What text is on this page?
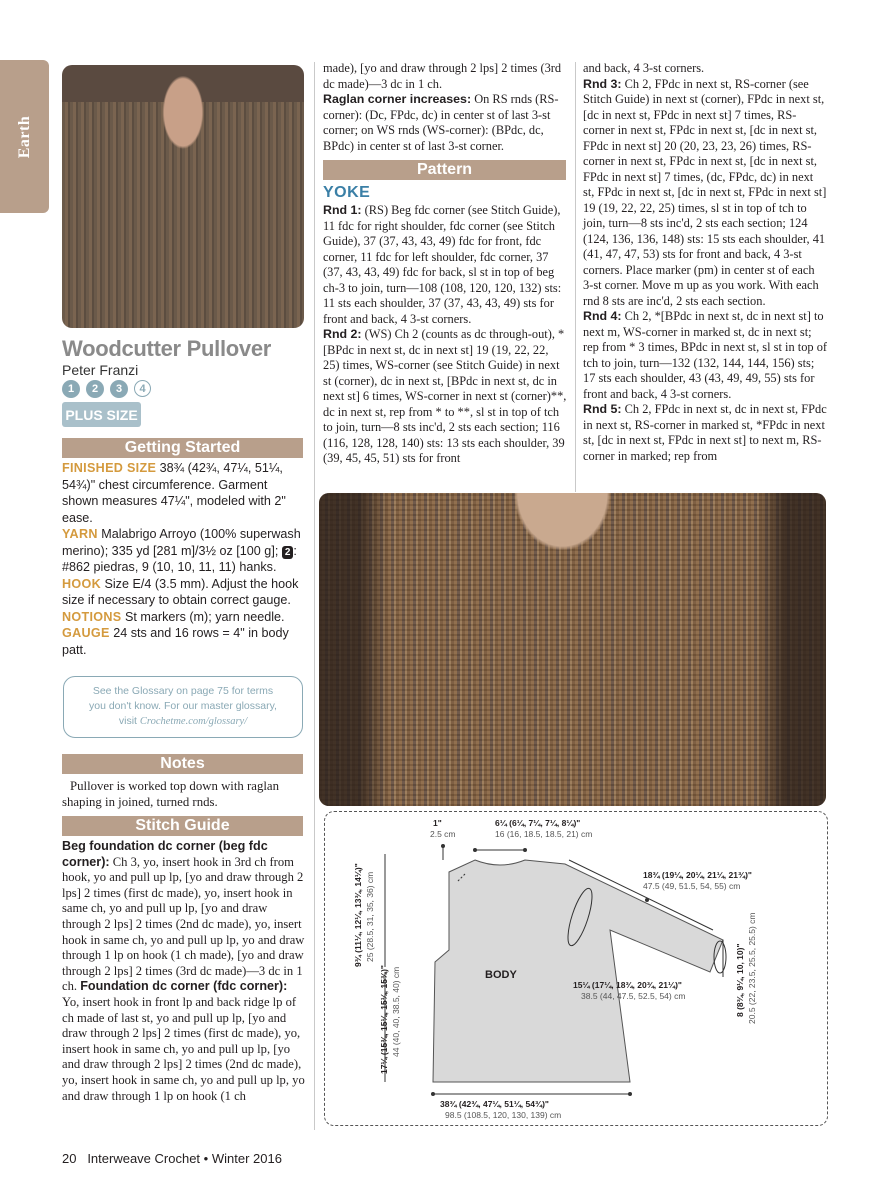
Earth
Woodcutter Pullover
Peter Franzi
1	2	3	4
PLUS SIZE
Getting Started
FINISHED SIZE 38¾ (42¾, 47¼, 51¼, 54¾)" chest circumference. Garment shown measures 47¼", modeled with 2" ease.
YARN Malabrigo Arroyo (100% superwash merino); 335 yd [281 m]/3½ oz [100 g]; 2 : #862 piedras, 9 (10, 10, 11, 11) hanks.
HOOK Size E/4 (3.5 mm). Adjust the hook size if necessary to obtain correct gauge.
NOTIONS St markers (m); yarn needle.
GAUGE 24 sts and 16 rows = 4" in body patt.
See the Glossary on page 75 for terms
you don't know. For our master glossary,
visit Crochetme.com/glossary/
Notes
Pullover is worked top down with raglan shaping in joined, turned rnds.
Stitch Guide
Beg foundation dc corner (beg fdc corner): Ch 3, yo, insert hook in 3rd ch from hook, yo and pull up lp, [yo and draw through 2 lps] 2 times (first dc made), yo, insert hook in same ch, yo and pull up lp, [yo and draw through 2 lps] 2 times (2nd dc made), yo, insert hook in same ch, yo and pull up lp, yo and draw through 1 lp on hook (1 ch made), [yo and draw through 2 lps] 2 times (3rd dc made)—3 dc in 1 ch. Foundation dc corner (fdc corner): Yo, insert hook in front lp and back ridge lp of ch made of last st, yo and pull up lp, [yo and draw through 2 lps] 2 times (first dc made), yo, insert hook in same ch, yo and pull up lp, [yo and draw through 2 lps] 2 times (2nd dc made), yo, insert hook in same ch, yo and pull up lp, yo and draw through 1 lp on hook (1 ch
made), [yo and draw through 2 lps] 2 times (3rd dc made)—3 dc in 1 ch.
Raglan corner increases: On RS rnds (RS-corner): (Dc, FPdc, dc) in center st of last 3-st corner; on WS rnds (WS-corner): (BPdc, dc, BPdc) in center st of last 3-st corner.
Pattern
YOKE
Rnd 1: (RS) Beg fdc corner (see Stitch Guide), 11 fdc for right shoulder, fdc corner (see Stitch Guide), 37 (37, 43, 43, 49) fdc for front, fdc corner, 11 fdc for left shoulder, fdc corner, 37 (37, 43, 43, 49) fdc for back, sl st in top of beg ch-3 to join, turn—108 (108, 120, 120, 132) sts: 11 sts each shoulder, 37 (37, 43, 43, 49) sts for front and back, 4 3-st corners.
Rnd 2: (WS) Ch 2 (counts as dc through-out), *[BPdc in next st, dc in next st] 19 (19, 22, 22, 25) times, WS-corner (see Stitch Guide) in next st (corner), dc in next st, [BPdc in next st, dc in next st] 6 times, WS-corner in next st (corner)**, dc in next st, rep from * to **, sl st in top of tch to join, turn—8 sts inc'd, 2 sts each section; 116 (116, 128, 128, 140) sts: 13 sts each shoulder, 39 (39, 45, 45, 51) sts for front
and back, 4 3-st corners.
Rnd 3: Ch 2, FPdc in next st, RS-corner (see Stitch Guide) in next st (corner), FPdc in next st, [dc in next st, FPdc in next st] 7 times, RS-corner in next st, FPdc in next st, [dc in next st, FPdc in next st] 20 (20, 23, 23, 26) times, RS-corner in next st, FPdc in next st, [dc in next st, FPdc in next st] 7 times, (dc, FPdc, dc) in next st, FPdc in next st, [dc in next st, FPdc in next st] 19 (19, 22, 22, 25) times, sl st in top of tch to join, turn—8 sts inc'd, 2 sts each section; 124 (124, 136, 136, 148) sts: 15 sts each shoulder, 41 (41, 47, 47, 53) sts for front and back, 4 3-st corners. Place marker (pm) in center st of each 3-st corner. Move m up as you work. With each rnd 8 sts are inc'd, 2 sts each section.
Rnd 4: Ch 2, *[BPdc in next st, dc in next st] to next m, WS-corner in marked st, dc in next st; rep from * 3 times, BPdc in next st, sl st in top of tch to join, turn—132 (132, 144, 144, 156) sts; 17 sts each shoulder, 43 (43, 49, 49, 55) sts for front and back, 4 3-st corners.
Rnd 5: Ch 2, FPdc in next st, dc in next st, FPdc in next st, RS-corner in marked st, *FPdc in next st, [dc in next st, FPdc in next st] to next m, RS-corner in marked; rep from
1"
2.5 cm
6¼ (6¼, 7¼, 7¼, 8¼)"
16 (16, 18.5, 18.5, 21) cm
18¾ (19¼, 20¼, 21¼, 21¾)"
47.5 (49, 51.5, 54, 55) cm
9¾ (11¼, 12¼, 13¾, 14¼)" 25 (28.5, 31, 35, 36) cm
17¼ (15¾, 15¼, 15¼, 15¾)" 44 (40, 40, 38.5, 40) cm	BODY
15¼ (17¼, 18¾, 20¾, 21¼)"
38.5 (44, 47.5, 52.5, 54) cm	8 (8¾, 9¼, 10, 10)" 20.5 (22, 23.5, 25.5, 25.5) cm
38¾ (42¾, 47¼, 51¼, 54¾)"
98.5 (108.5, 120, 130, 139) cm
20 Interweave Crochet • Winter 2016
